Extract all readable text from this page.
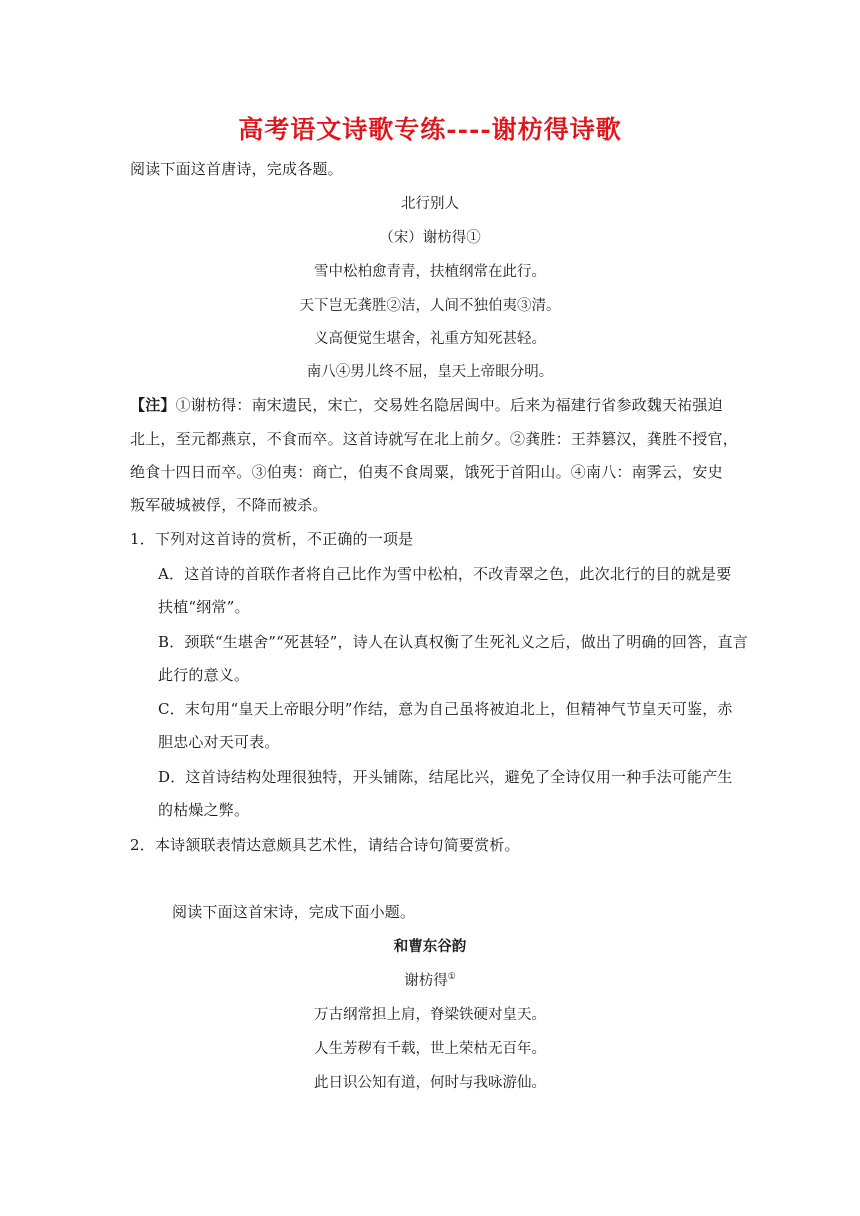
高考语文诗歌专练----谢枋得诗歌
阅读下面这首唐诗，完成各题。
北行别人
（宋）谢枋得①
雪中松柏愈青青，扶植纲常在此行。
天下岂无龚胜②洁，人间不独伯夷③清。
义高便觉生堪舍，礼重方知死甚轻。
南八④男儿终不屈，皇天上帝眼分明。
【注】①谢枋得：南宋遗民，宋亡，交易姓名隐居闽中。后来为福建行省参政魏天祐强迫
北上，至元都燕京，不食而卒。这首诗就写在北上前夕。②龚胜：王莽篡汉，龚胜不授官，
绝食十四日而卒。③伯夷：商亡，伯夷不食周粟，饿死于首阳山。④南八：南霁云，安史
叛军破城被俘，不降而被杀。
1．下列对这首诗的赏析，不正确的一项是
A．这首诗的首联作者将自己比作为雪中松柏，不改青翠之色，此次北行的目的就是要
扶植“纲常”。
B．颈联“生堪舍”“死甚轻”，诗人在认真权衡了生死礼义之后，做出了明确的回答，直言
此行的意义。
C．末句用“皇天上帝眼分明”作结，意为自己虽将被迫北上，但精神气节皇天可鉴，赤
胆忠心对天可表。
D．这首诗结构处理很独特，开头铺陈，结尾比兴，避免了全诗仅用一种手法可能产生
的枯燥之弊。
2．本诗颔联表情达意颇具艺术性，请结合诗句简要赏析。
阅读下面这首宋诗，完成下面小题。
和曹东谷韵
谢枋得①
万古纲常担上肩，脊梁铁硬对皇天。
人生芳秽有千载，世上荣枯无百年。
此日识公知有道，何时与我咏游仙。
